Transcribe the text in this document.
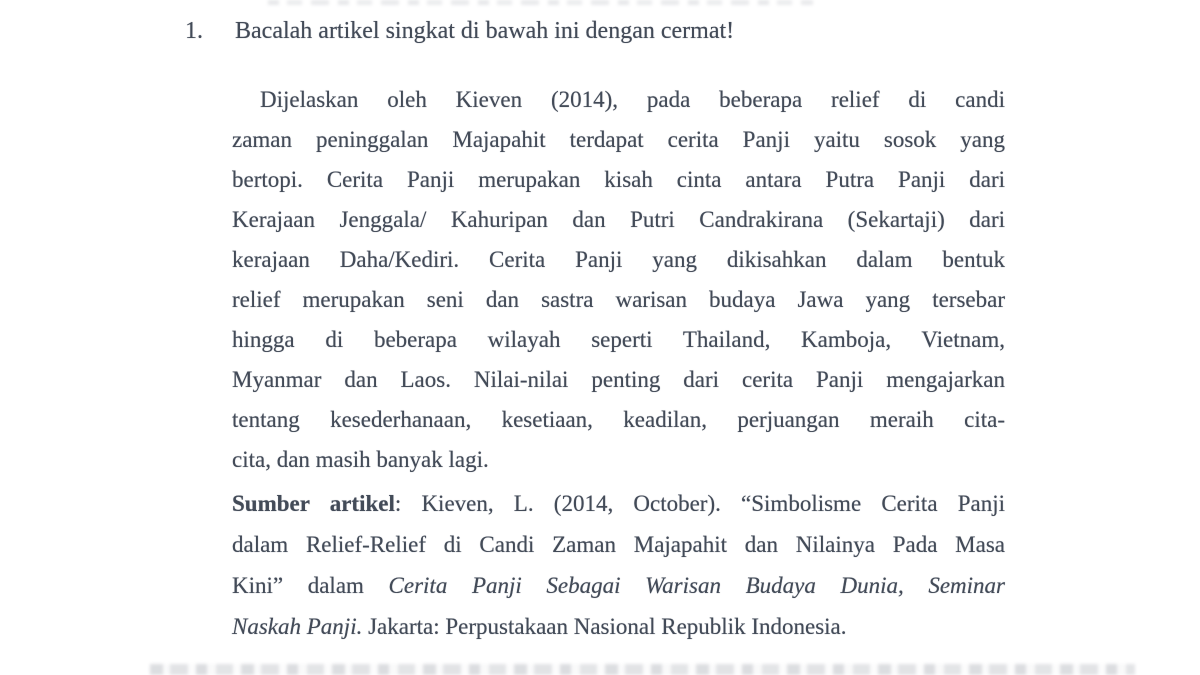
1. Bacalah artikel singkat di bawah ini dengan cermat!
Dijelaskan oleh Kieven (2014), pada beberapa relief di candi
zaman peninggalan Majapahit terdapat cerita Panji yaitu sosok yang
bertopi. Cerita Panji merupakan kisah cinta antara Putra Panji dari
Kerajaan Jenggala/ Kahuripan dan Putri Candrakirana (Sekartaji) dari
kerajaan Daha/Kediri. Cerita Panji yang dikisahkan dalam bentuk
relief merupakan seni dan sastra warisan budaya Jawa yang tersebar
hingga di beberapa wilayah seperti Thailand, Kamboja, Vietnam,
Myanmar dan Laos. Nilai-nilai penting dari cerita Panji mengajarkan
tentang kesederhanaan, kesetiaan, keadilan, perjuangan meraih cita-
cita, dan masih banyak lagi.
Sumber artikel: Kieven, L. (2014, October). “Simbolisme Cerita Panji
dalam Relief-Relief di Candi Zaman Majapahit dan Nilainya Pada Masa
Kini” dalam Cerita Panji Sebagai Warisan Budaya Dunia, Seminar
Naskah Panji. Jakarta: Perpustakaan Nasional Republik Indonesia.
